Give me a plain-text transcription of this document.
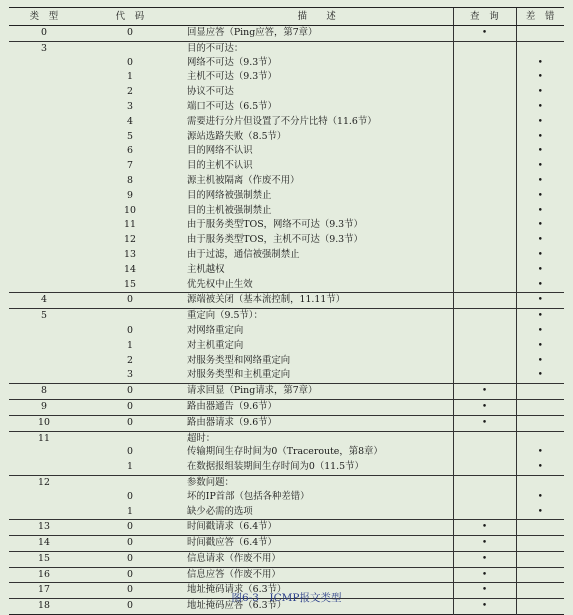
类　型	代　码	描　　述	查　询	差　错
0	0	回显应答（Ping应答，第7章）	•	
3		目的不可达：		
	0	网络不可达（9.3节）		•
	1	主机不可达（9.3节）		•
	2	协议不可达		•
	3	端口不可达（6.5节）		•
	4	需要进行分片但设置了不分片比特（11.6节）		•
	5	源站选路失败（8.5节）		•
	6	目的网络不认识		•
	7	目的主机不认识		•
	8	源主机被隔离（作废不用）		•
	9	目的网络被强制禁止		•
	10	目的主机被强制禁止		•
	11	由于服务类型TOS，网络不可达（9.3节）		•
	12	由于服务类型TOS，主机不可达（9.3节）		•
	13	由于过滤，通信被强制禁止		•
	14	主机越权		•
	15	优先权中止生效		•
4	0	源端被关闭（基本流控制，11.11节）		•
5		重定向（9.5节）：		•
	0	对网络重定向		•
	1	对主机重定向		•
	2	对服务类型和网络重定向		•
	3	对服务类型和主机重定向		•
8	0	请求回显（Ping请求，第7章）	•	
9	0	路由器通告（9.6节）	•	
10	0	路由器请求（9.6节）	•	
11		超时：		
	0	传输期间生存时间为0（Traceroute，第8章）		•
	1	在数据报组装期间生存时间为0（11.5节）		•
12		参数问题：		
	0	坏的IP首部（包括各种差错）		•
	1	缺少必需的选项		•
13	0	时间戳请求（6.4节）	•	
14	0	时间戳应答（6.4节）	•	
15	0	信息请求（作废不用）	•	
16	0	信息应答（作废不用）	•	
17	0	地址掩码请求（6.3节）	•	
18	0	地址掩码应答（6.3节）	•	
图6-3　ICMP报文类型
